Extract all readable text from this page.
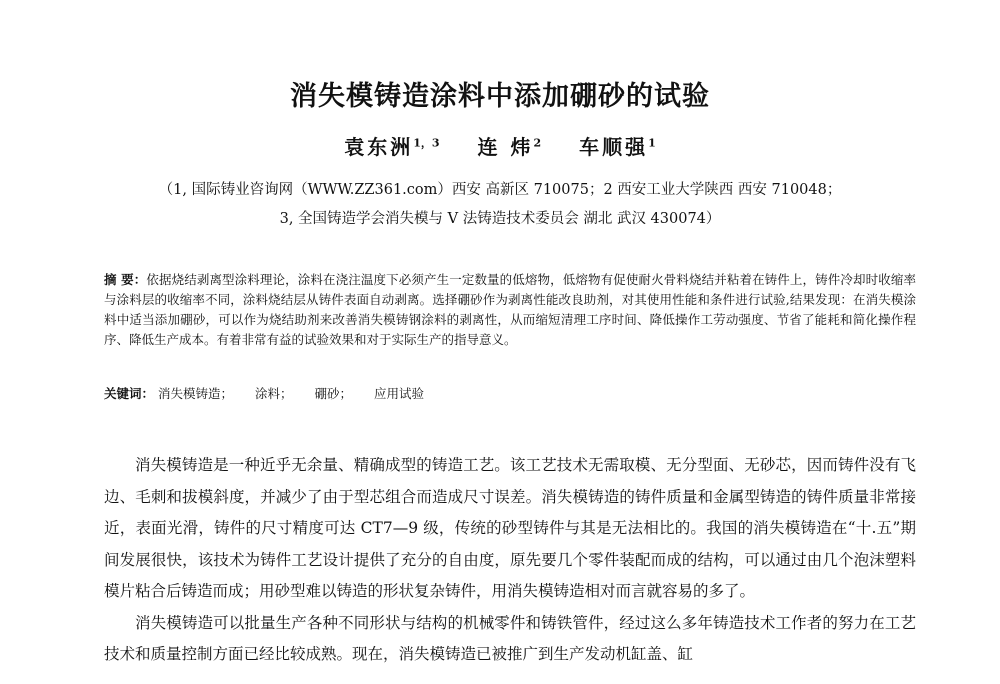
消失模铸造涂料中添加硼砂的试验
袁东洲$^{1,3}$ 连 炜$^2$ 车顺强$^1$
（1, 国际铸业咨询网（WWW.ZZ361.com）西安 高新区 710075；2 西安工业大学陕西 西安 710048；
3, 全国铸造学会消失模与 V 法铸造技术委员会 湖北 武汉 430074）
摘 要：依据烧结剥离型涂料理论，涂料在浇注温度下必须产生一定数量的低熔物，低熔物有促使耐火骨料烧结并粘着在铸件上，铸件冷却时收缩率与涂料层的收缩率不同，涂料烧结层从铸件表面自动剥离。选择硼砂作为剥离性能改良助剂，对其使用性能和条件进行试验,结果发现：在消失模涂料中适当添加硼砂，可以作为烧结助剂来改善消失模铸钢涂料的剥离性，从而缩短清理工序时间、降低操作工劳动强度、节省了能耗和简化操作程序、降低生产成本。有着非常有益的试验效果和对于实际生产的指导意义。
关键词： 消失模铸造； 涂料； 硼砂； 应用试验

消失模铸造是一种近乎无余量、精确成型的铸造工艺。该工艺技术无需取模、无分型面、无砂芯，因而铸件没有飞边、毛刺和拔模斜度，并减少了由于型芯组合而造成尺寸误差。消失模铸造的铸件质量和金属型铸造的铸件质量非常接近，表面光滑，铸件的尺寸精度可达 CT7—9 级，传统的砂型铸件与其是无法相比的。我国的消失模铸造在“十.五”期间发展很快，该技术为铸件工艺设计提供了充分的自由度，原先要几个零件装配而成的结构，可以通过由几个泡沫塑料模片粘合后铸造而成；用砂型难以铸造的形状复杂铸件，用消失模铸造相对而言就容易的多了。

消失模铸造可以批量生产各种不同形状与结构的机械零件和铸铁管件，经过这么多年铸造技术工作者的努力在工艺技术和质量控制方面已经比较成熟。现在，消失模铸造已被推广到生产发动机缸盖、缸
